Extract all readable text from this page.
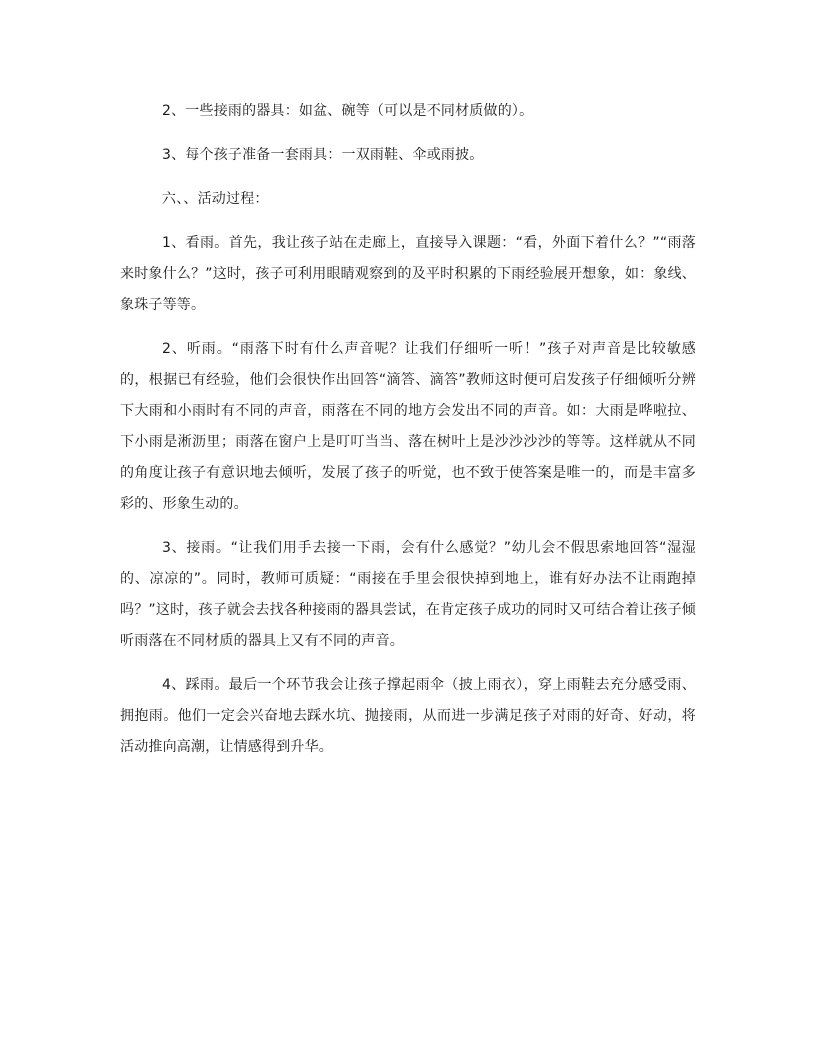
2、一些接雨的器具：如盆、碗等（可以是不同材质做的）。

3、每个孩子准备一套雨具：一双雨鞋、伞或雨披。

六、、活动过程：

1、看雨。首先，我让孩子站在走廊上，直接导入课题：“看，外面下着什么？”“雨落来时象什么？”这时，孩子可利用眼睛观察到的及平时积累的下雨经验展开想象，如：象线、象珠子等等。

2、听雨。“雨落下时有什么声音呢？让我们仔细听一听！”孩子对声音是比较敏感的，根据已有经验，他们会很快作出回答“滴答、滴答”教师这时便可启发孩子仔细倾听分辨下大雨和小雨时有不同的声音，雨落在不同的地方会发出不同的声音。如：大雨是哗啦拉、下小雨是淅沥里；雨落在窗户上是叮叮当当、落在树叶上是沙沙沙沙的等等。这样就从不同的角度让孩子有意识地去倾听，发展了孩子的听觉，也不致于使答案是唯一的，而是丰富多彩的、形象生动的。

3、接雨。“让我们用手去接一下雨，会有什么感觉？”幼儿会不假思索地回答“湿湿的、凉凉的”。同时，教师可质疑：“雨接在手里会很快掉到地上，谁有好办法不让雨跑掉吗？”这时，孩子就会去找各种接雨的器具尝试，在肯定孩子成功的同时又可结合着让孩子倾听雨落在不同材质的器具上又有不同的声音。

4、踩雨。最后一个环节我会让孩子撑起雨伞（披上雨衣），穿上雨鞋去充分感受雨、拥抱雨。他们一定会兴奋地去踩水坑、抛接雨，从而进一步满足孩子对雨的好奇、好动，将活动推向高潮，让情感得到升华。
